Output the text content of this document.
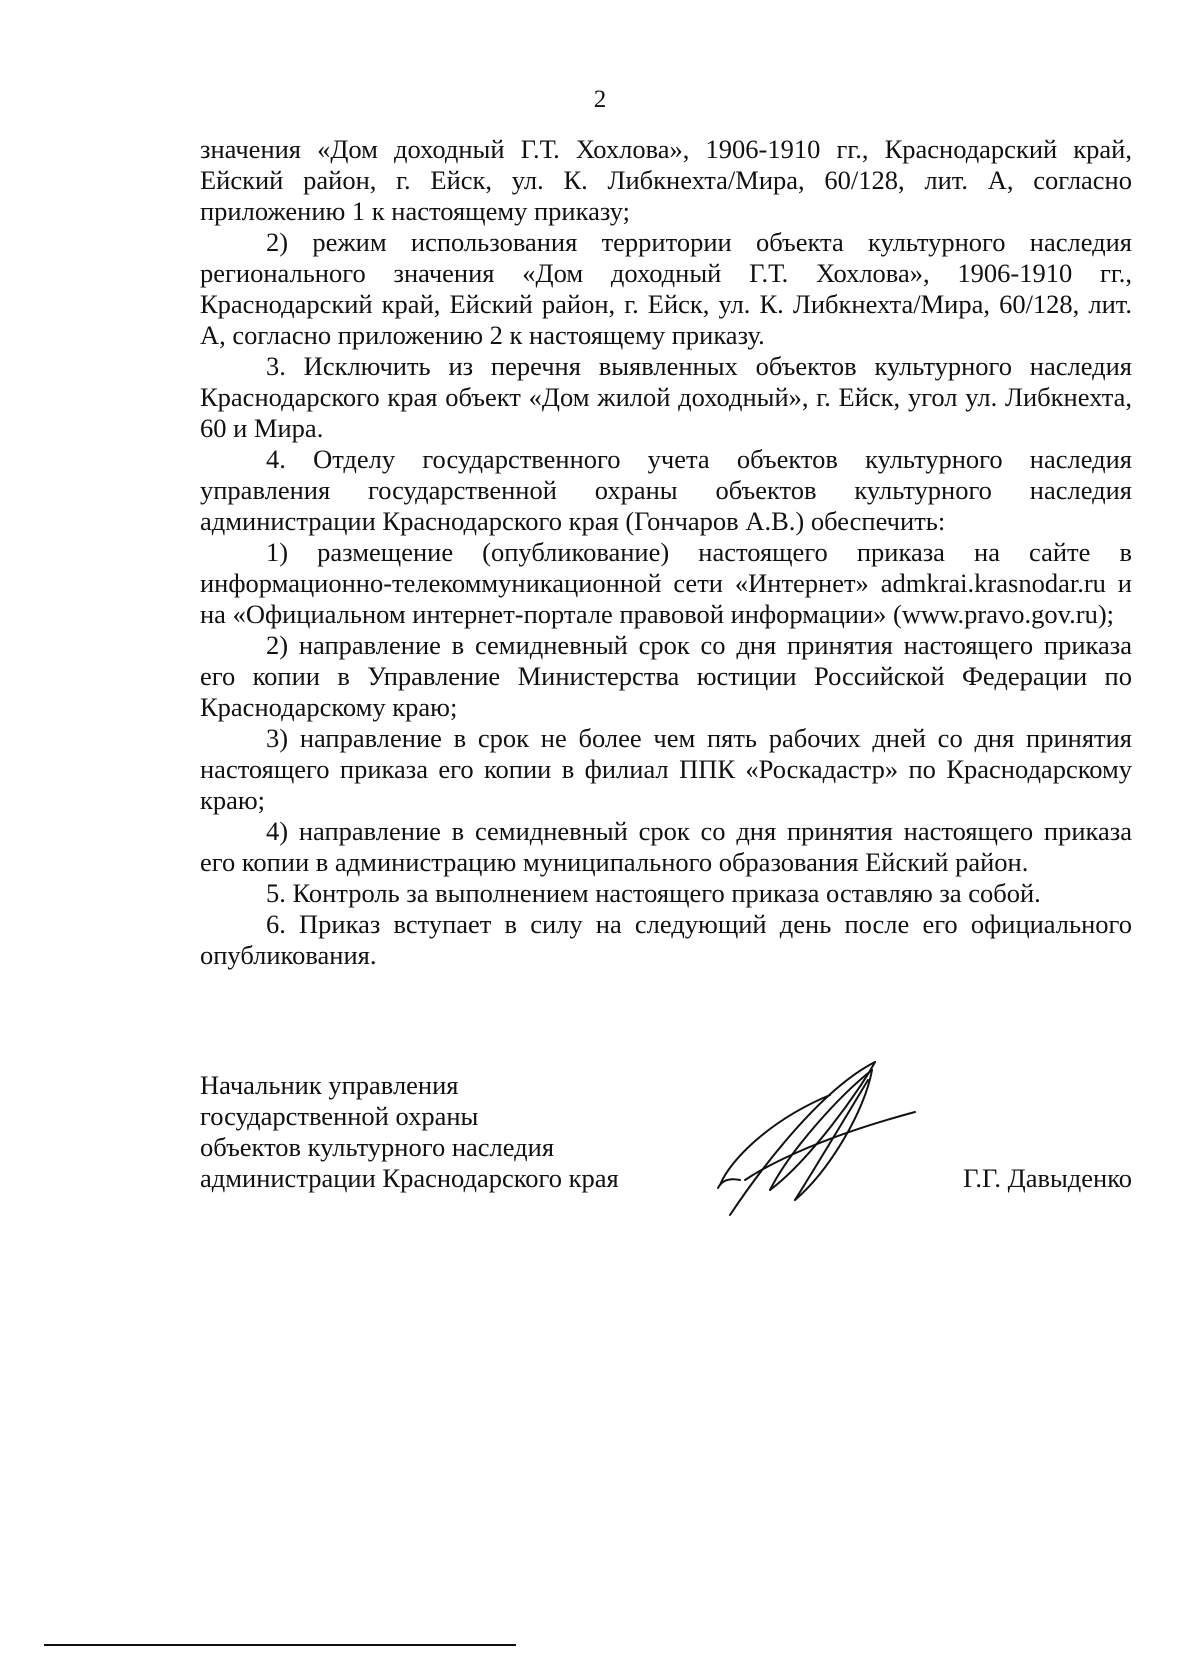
2

значения «Дом доходный Г.Т. Хохлова», 1906-1910 гг., Краснодарский край, Ейский район, г. Ейск, ул. К. Либкнехта/Мира, 60/128, лит. А, согласно приложению 1 к настоящему приказу;

2) режим использования территории объекта культурного наследия регионального значения «Дом доходный Г.Т. Хохлова», 1906-1910 гг., Краснодарский край, Ейский район, г. Ейск, ул. К. Либкнехта/Мира, 60/128, лит. А, согласно приложению 2 к настоящему приказу.

3. Исключить из перечня выявленных объектов культурного наследия Краснодарского края объект «Дом жилой доходный», г. Ейск, угол ул. Либкнехта, 60 и Мира.

4. Отделу государственного учета объектов культурного наследия управления государственной охраны объектов культурного наследия администрации Краснодарского края (Гончаров А.В.) обеспечить:

1) размещение (опубликование) настоящего приказа на сайте в информационно-телекоммуникационной сети «Интернет» admkrai.krasnodar.ru и на «Официальном интернет-портале правовой информации» (www.pravo.gov.ru);

2) направление в семидневный срок со дня принятия настоящего приказа его копии в Управление Министерства юстиции Российской Федерации по Краснодарскому краю;

3) направление в срок не более чем пять рабочих дней со дня принятия настоящего приказа его копии в филиал ППК «Роскадастр» по Краснодарскому краю;

4) направление в семидневный срок со дня принятия настоящего приказа его копии в администрацию муниципального образования Ейский район.

5. Контроль за выполнением настоящего приказа оставляю за собой.

6. Приказ вступает в силу на следующий день после его официального опубликования.

Начальник управления
государственной охраны
объектов культурного наследия
администрации Краснодарского края	Г.Г. Давыденко
